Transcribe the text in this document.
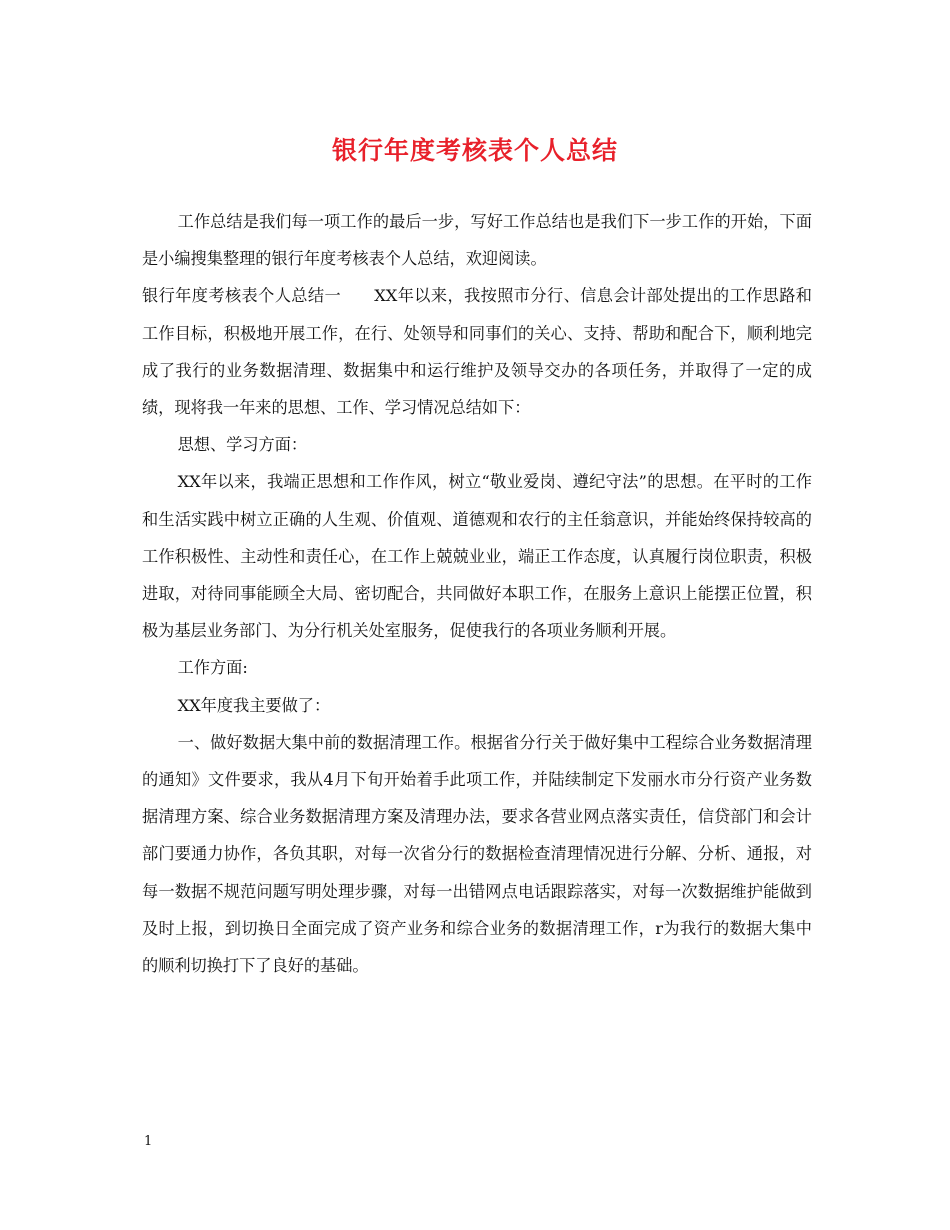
银行年度考核表个人总结

工作总结是我们每一项工作的最后一步，写好工作总结也是我们下一步工作的开始，下面是小编搜集整理的银行年度考核表个人总结，欢迎阅读。

银行年度考核表个人总结一　　XX年以来，我按照市分行、信息会计部处提出的工作思路和工作目标，积极地开展工作，在行、处领导和同事们的关心、支持、帮助和配合下，顺利地完成了我行的业务数据清理、数据集中和运行维护及领导交办的各项任务，并取得了一定的成绩，现将我一年来的思想、工作、学习情况总结如下：

思想、学习方面：

XX年以来，我端正思想和工作作风，树立“敬业爱岗、遵纪守法”的思想。在平时的工作和生活实践中树立正确的人生观、价值观、道德观和农行的主任翁意识，并能始终保持较高的工作积极性、主动性和责任心，在工作上兢兢业业，端正工作态度，认真履行岗位职责，积极进取，对待同事能顾全大局、密切配合，共同做好本职工作，在服务上意识上能摆正位置，积极为基层业务部门、为分行机关处室服务，促使我行的各项业务顺利开展。

工作方面:

XX年度我主要做了：

一、做好数据大集中前的数据清理工作。根据省分行关于做好集中工程综合业务数据清理的通知》文件要求，我从4月下旬开始着手此项工作，并陆续制定下发丽水市分行资产业务数据清理方案、综合业务数据清理方案及清理办法，要求各营业网点落实责任，信贷部门和会计部门要通力协作，各负其职，对每一次省分行的数据检查清理情况进行分解、分析、通报，对每一数据不规范问题写明处理步骤，对每一出错网点电话跟踪落实，对每一次数据维护能做到及时上报，到切换日全面完成了资产业务和综合业务的数据清理工作，r为我行的数据大集中的顺利切换打下了良好的基础。

1
